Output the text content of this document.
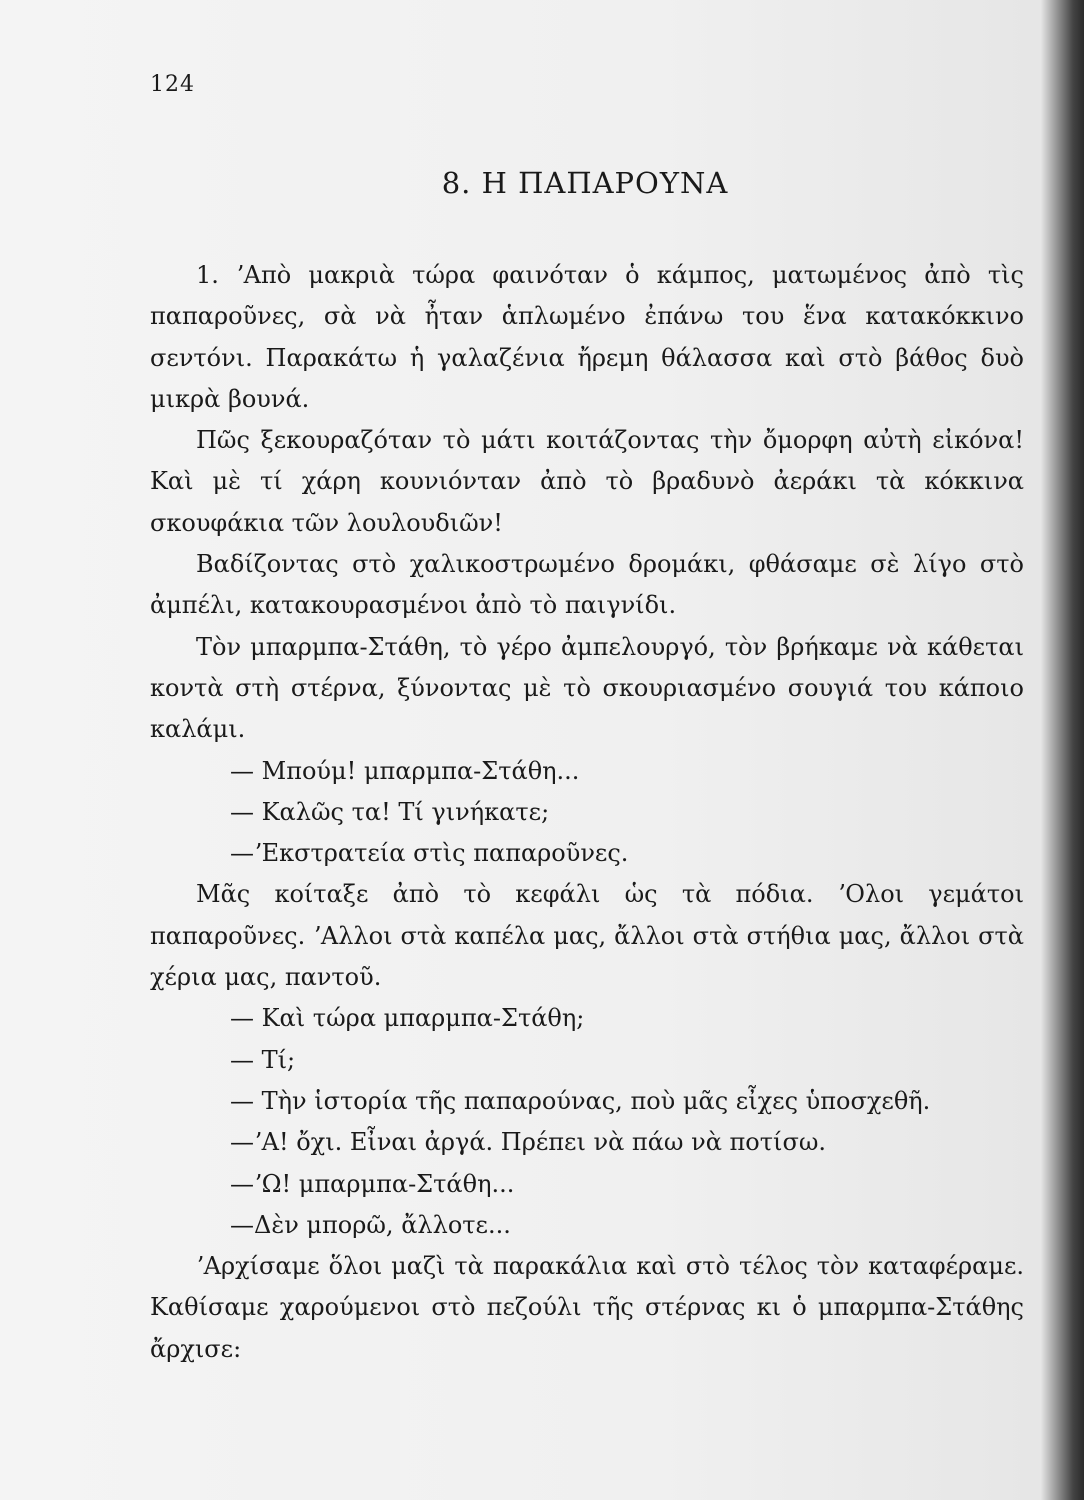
124
8. Η ΠΑΠΑΡΟΥΝΑ

1. ʼΑπὸ μακριὰ τώρα φαινόταν ὁ κάμπος, ματωμένος ἀπὸ τὶς παπαροῦνες, σὰ νὰ ἦταν ἁπλωμένο ἐπάνω του ἕνα κατακόκκινο σεντόνι. Παρακάτω ἡ γαλαζένια ἤρεμη θάλασσα καὶ στὸ βάθος δυὸ μικρὰ βουνά.

Πῶς ξεκουραζόταν τὸ μάτι κοιτάζοντας τὴν ὄμορφη αὐτὴ εἰκόνα! Καὶ μὲ τί χάρη κουνιόνταν ἀπὸ τὸ βραδυνὸ ἀεράκι τὰ κόκκινα σκουφάκια τῶν λουλουδιῶν!

Βαδίζοντας στὸ χαλικοστρωμένο δρομάκι, φθάσαμε σὲ λίγο στὸ ἀμπέλι, κατακουρασμένοι ἀπὸ τὸ παιγνίδι.

Τὸν μπαρμπα-Στάθη, τὸ γέρο ἀμπελουργό, τὸν βρήκαμε νὰ κάθεται κοντὰ στὴ στέρνα, ξύνοντας μὲ τὸ σκουριασμένο σουγιά του κάποιο καλάμι.

— Μπούμ! μπαρμπα-Στάθη...

— Καλῶς τα! Τί γινήκατε;

—ʼΕκστρατεία στὶς παπαροῦνες.

Μᾶς κοίταξε ἀπὸ τὸ κεφάλι ὡς τὰ πόδια. ʼΟλοι γεμάτοι παπαροῦνες. ʼΑλλοι στὰ καπέλα μας, ἄλλοι στὰ στήθια μας, ἄλλοι στὰ χέρια μας, παντοῦ.

— Καὶ τώρα μπαρμπα-Στάθη;

— Τί;

— Τὴν ἱστορία τῆς παπαρούνας, ποὺ μᾶς εἶχες ὑποσχεθῆ.

—ʼΑ! ὄχι. Εἶναι ἀργά. Πρέπει νὰ πάω νὰ ποτίσω.

—ʼΩ! μπαρμπα-Στάθη...

—Δὲν μπορῶ, ἄλλοτε...

ʼΑρχίσαμε ὅλοι μαζὶ τὰ παρακάλια καὶ στὸ τέλος τὸν καταφέραμε. Καθίσαμε χαρούμενοι στὸ πεζούλι τῆς στέρνας κι ὁ μπαρμπα-Στάθης ἄρχισε:
